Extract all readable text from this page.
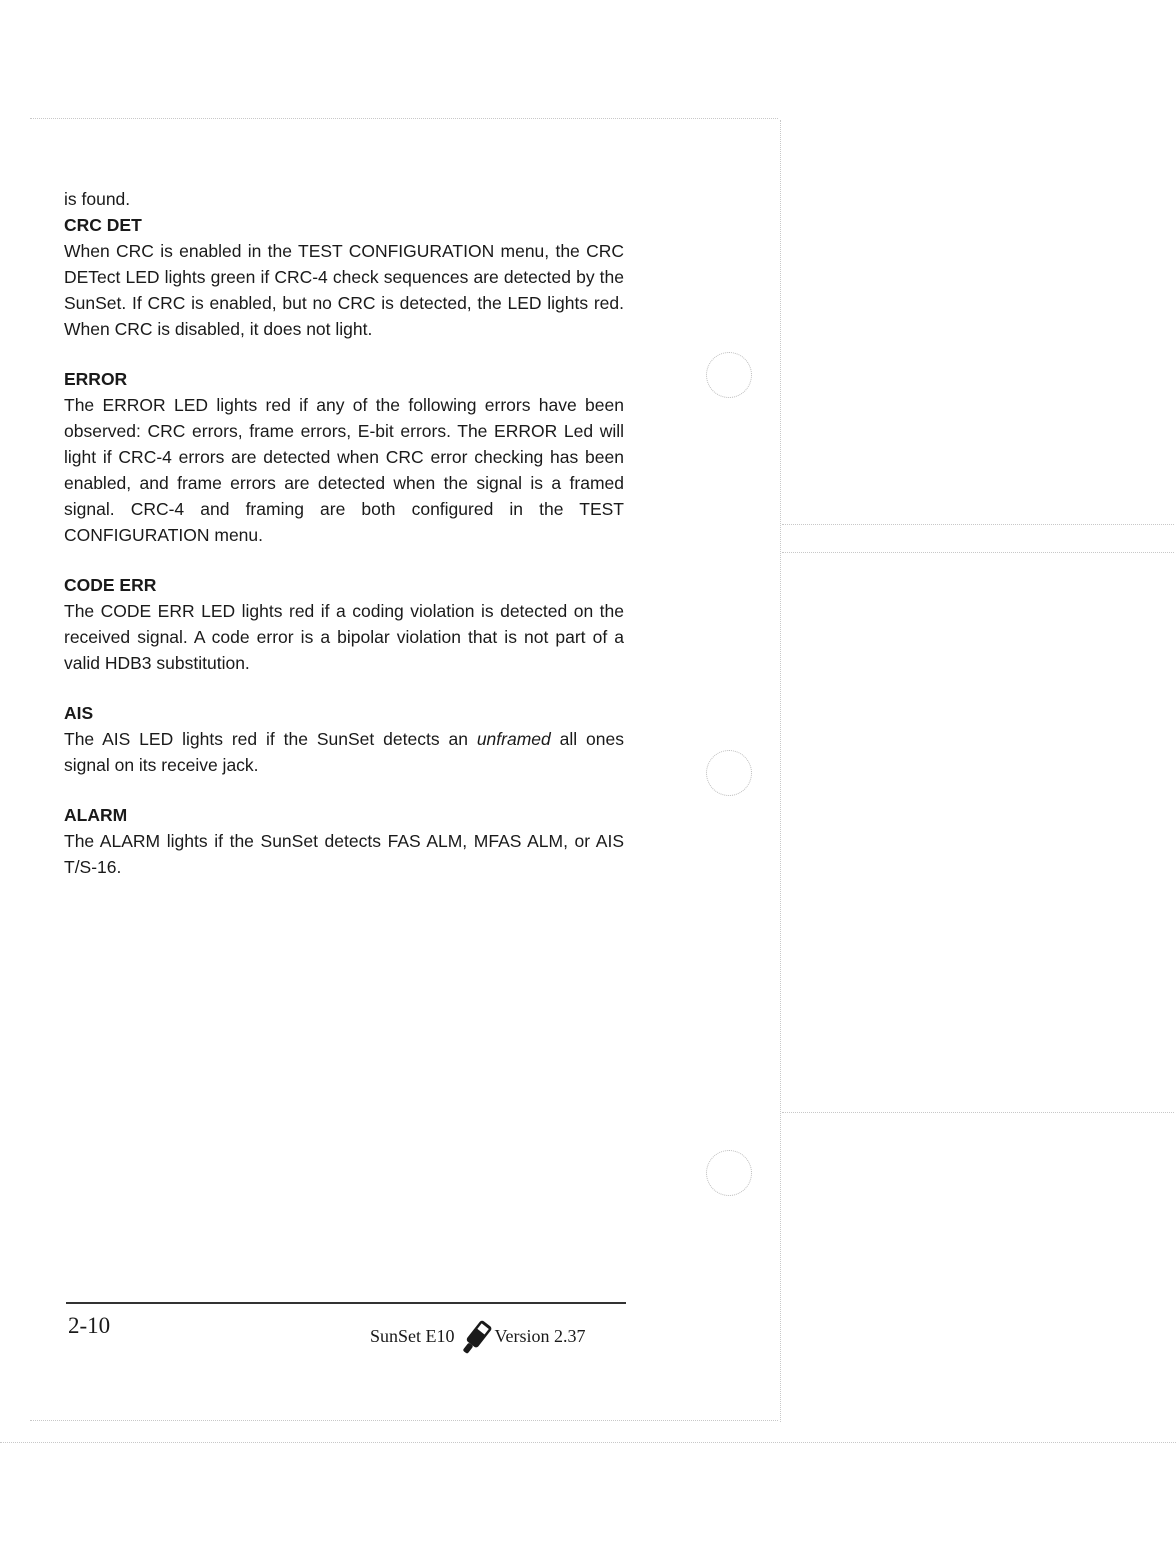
is found.

CRC DET

When CRC is enabled in the TEST CONFIGURATION menu, the CRC DETect LED lights green if CRC-4 check sequences are detected by the SunSet. If CRC is enabled, but no CRC is detected, the LED lights red. When CRC is disabled, it does not light.

ERROR

The ERROR LED lights red if any of the following errors have been observed: CRC errors, frame errors, E-bit errors. The ERROR Led will light if CRC-4 errors are detected when CRC error checking has been enabled, and frame errors are detected when the signal is a framed signal. CRC-4 and framing are both configured in the TEST CONFIGURATION menu.

CODE ERR

The CODE ERR LED lights red if a coding violation is detected on the received signal. A code error is a bipolar violation that is not part of a valid HDB3 substitution.

AIS

The AIS LED lights red if the SunSet detects an unframed all ones signal on its receive jack.

ALARM

The ALARM lights if the SunSet detects FAS ALM, MFAS ALM, or AIS T/S-16.

2-10	SunSet E10 Version 2.37
